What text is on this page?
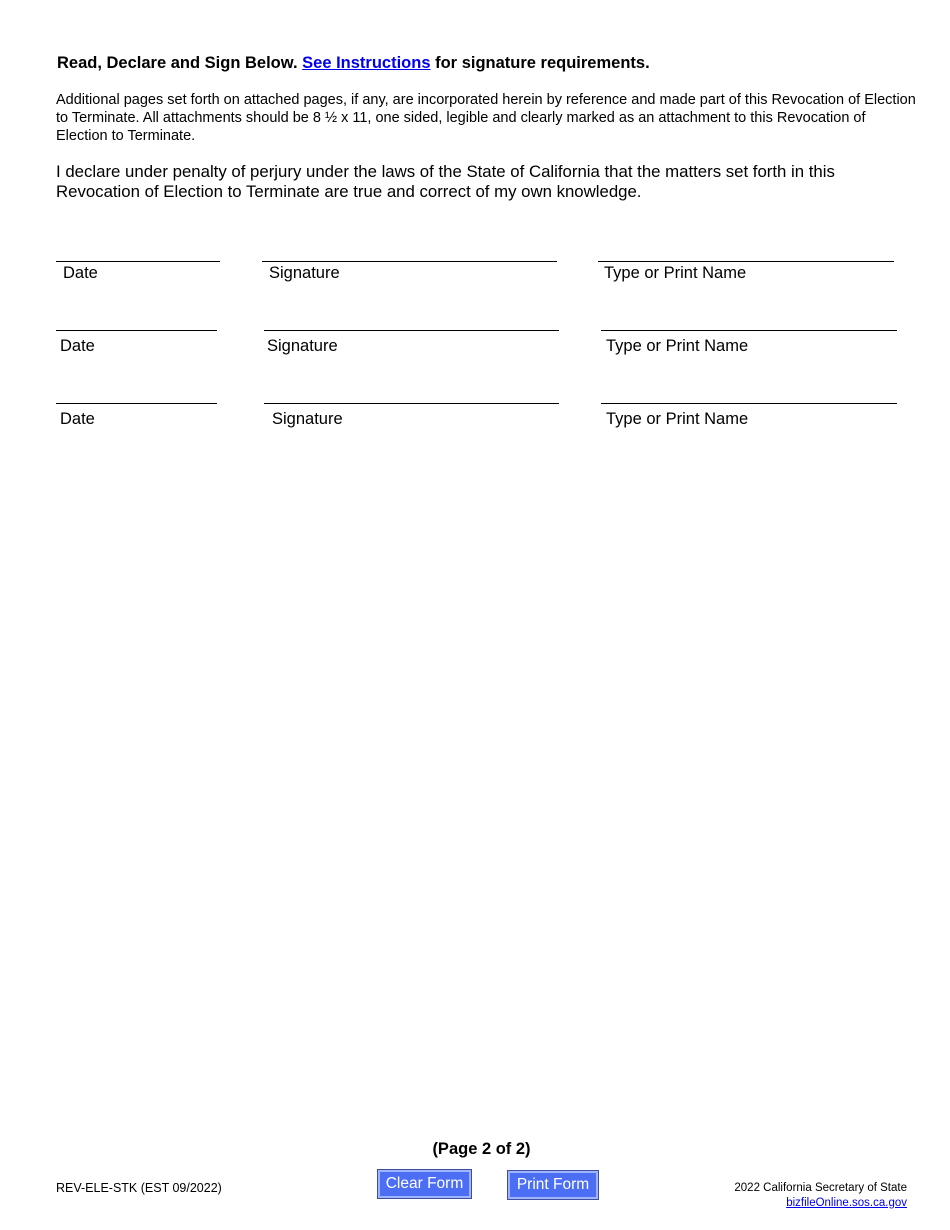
Read, Declare and Sign Below. See Instructions for signature requirements.
Additional pages set forth on attached pages, if any, are incorporated herein by reference and made part of this Revocation of Election to Terminate. All attachments should be 8 ½ x 11, one sided, legible and clearly marked as an attachment to this Revocation of Election to Terminate.
I declare under penalty of perjury under the laws of the State of California that the matters set forth in this Revocation of Election to Terminate are true and correct of my own knowledge.
Date	Signature	Type or Print Name
Date	Signature	Type or Print Name
Date	Signature	Type or Print Name
(Page 2 of 2)
REV-ELE-STK (EST 09/2022)	Clear Form	Print Form	2022 California Secretary of State
bizfileOnline.sos.ca.gov
